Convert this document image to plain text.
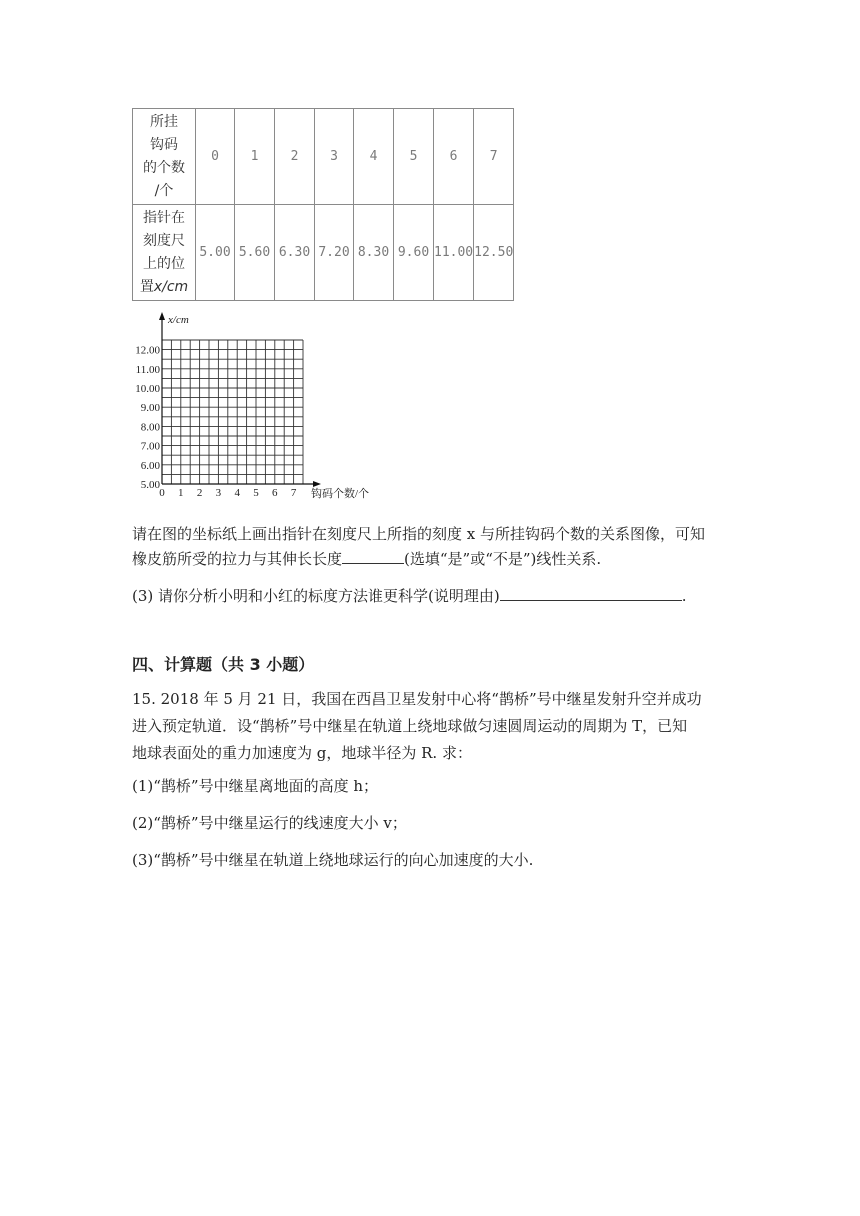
所挂
钩码
的个数
/个	0	1	2	3	4	5	6	7

指针在
刻度尺
上的位
置x/cm	5.00	5.60	6.30	7.20	8.30	9.60	11.00	12.50
5.00
6.00
7.00
8.00
9.00
10.00
11.00
12.00
0 1 2 3 4 5 6 7
x/cm
钩码个数/个
请在图的坐标纸上画出指针在刻度尺上所指的刻度 x 与所挂钩码个数的关系图像，可知
橡皮筋所受的拉力与其伸长长度	(选填“是”或“不是”)线性关系.
(3) 请你分析小明和小红的标度方法谁更科学(说明理由)	.
四、计算题（共 3 小题）
15. 2018 年 5 月 21 日，我国在西昌卫星发射中心将“鹊桥”号中继星发射升空并成功
进入预定轨道．设“鹊桥”号中继星在轨道上绕地球做匀速圆周运动的周期为 T，已知
地球表面处的重力加速度为 g，地球半径为 R. 求：
(1)“鹊桥”号中继星离地面的高度 h；
(2)“鹊桥”号中继星运行的线速度大小 v；
(3)“鹊桥”号中继星在轨道上绕地球运行的向心加速度的大小.
